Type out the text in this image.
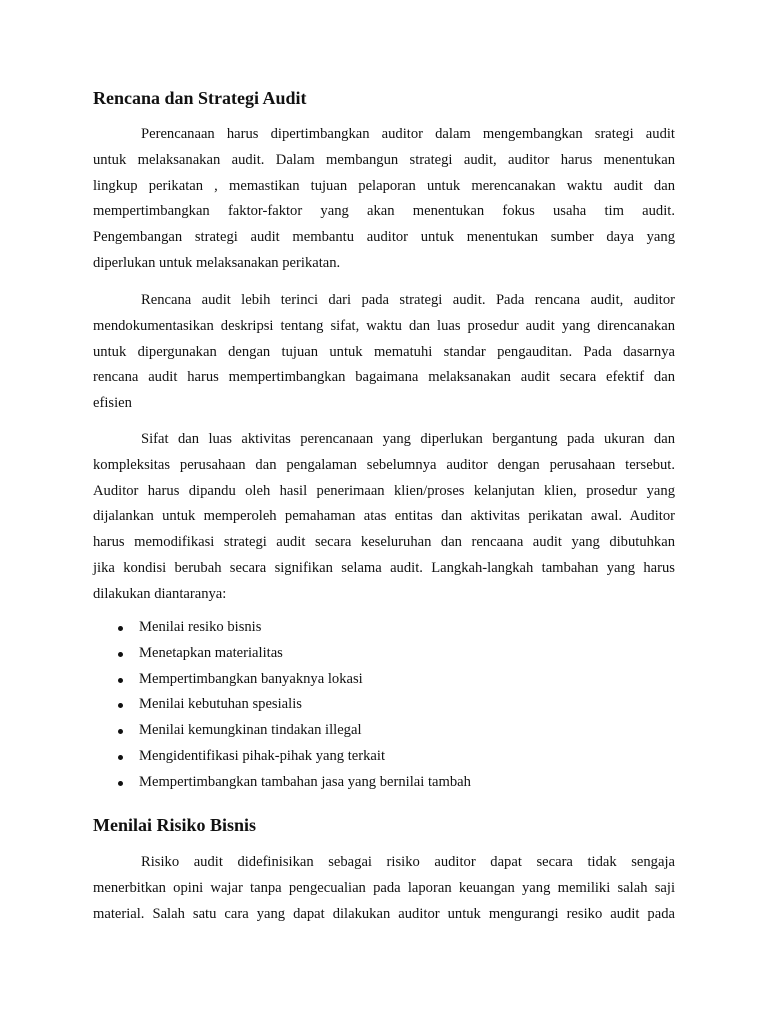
Rencana dan Strategi Audit

Perencanaan harus dipertimbangkan auditor dalam mengembangkan srategi audit
untuk melaksanakan audit. Dalam membangun strategi audit, auditor harus menentukan
lingkup perikatan , memastikan tujuan pelaporan untuk merencanakan waktu audit dan
mempertimbangkan faktor-faktor yang akan menentukan fokus usaha tim audit.
Pengembangan strategi audit membantu auditor untuk menentukan sumber daya yang
diperlukan untuk melaksanakan perikatan.

Rencana audit lebih terinci dari pada strategi audit. Pada rencana audit, auditor
mendokumentasikan deskripsi tentang sifat, waktu dan luas prosedur audit yang direncanakan
untuk dipergunakan dengan tujuan untuk mematuhi standar pengauditan. Pada dasarnya
rencana audit harus mempertimbangkan bagaimana melaksanakan audit secara efektif dan
efisien

Sifat dan luas aktivitas perencanaan yang diperlukan bergantung pada ukuran dan
kompleksitas perusahaan dan pengalaman sebelumnya auditor dengan perusahaan tersebut.
Auditor harus dipandu oleh hasil penerimaan klien/proses kelanjutan klien, prosedur yang
dijalankan untuk memperoleh pemahaman atas entitas dan aktivitas perikatan awal. Auditor
harus memodifikasi strategi audit secara keseluruhan dan rencaana audit yang dibutuhkan
jika kondisi berubah secara signifikan selama audit. Langkah-langkah tambahan yang harus
dilakukan diantaranya:

Menilai resiko bisnis
Menetapkan materialitas
Mempertimbangkan banyaknya lokasi
Menilai kebutuhan spesialis
Menilai kemungkinan tindakan illegal
Mengidentifikasi pihak-pihak yang terkait
Mempertimbangkan tambahan jasa yang bernilai tambah
Menilai Risiko Bisnis

Risiko audit didefinisikan sebagai risiko auditor dapat secara tidak sengaja
menerbitkan opini wajar tanpa pengecualian pada laporan keuangan yang memiliki salah saji
material. Salah satu cara yang dapat dilakukan auditor untuk mengurangi resiko audit pada
